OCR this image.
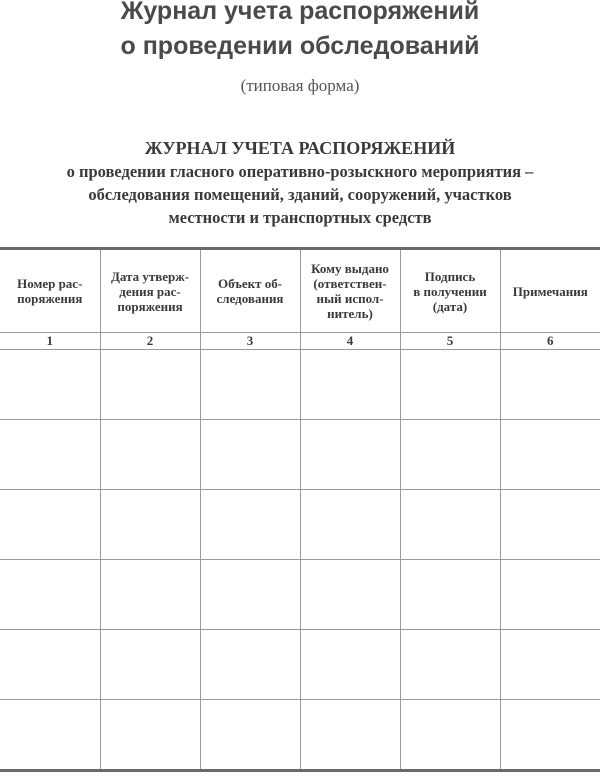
Журнал учета распоряжений
о проведении обследований
(типовая форма)
ЖУРНАЛ УЧЕТА РАСПОРЯЖЕНИЙ
о проведении гласного оперативно-розыскного мероприятия –
обследования помещений, зданий, сооружений, участков
местности и транспортных средств
Номер рас-
поряжения	Дата утверж-
дения рас-
поряжения	Объект об-
следования	Кому выдано
(ответствен-
ный испол-
нитель)	Подпись
в получении
(дата)	Примечания

1	2	3	4	5	6
